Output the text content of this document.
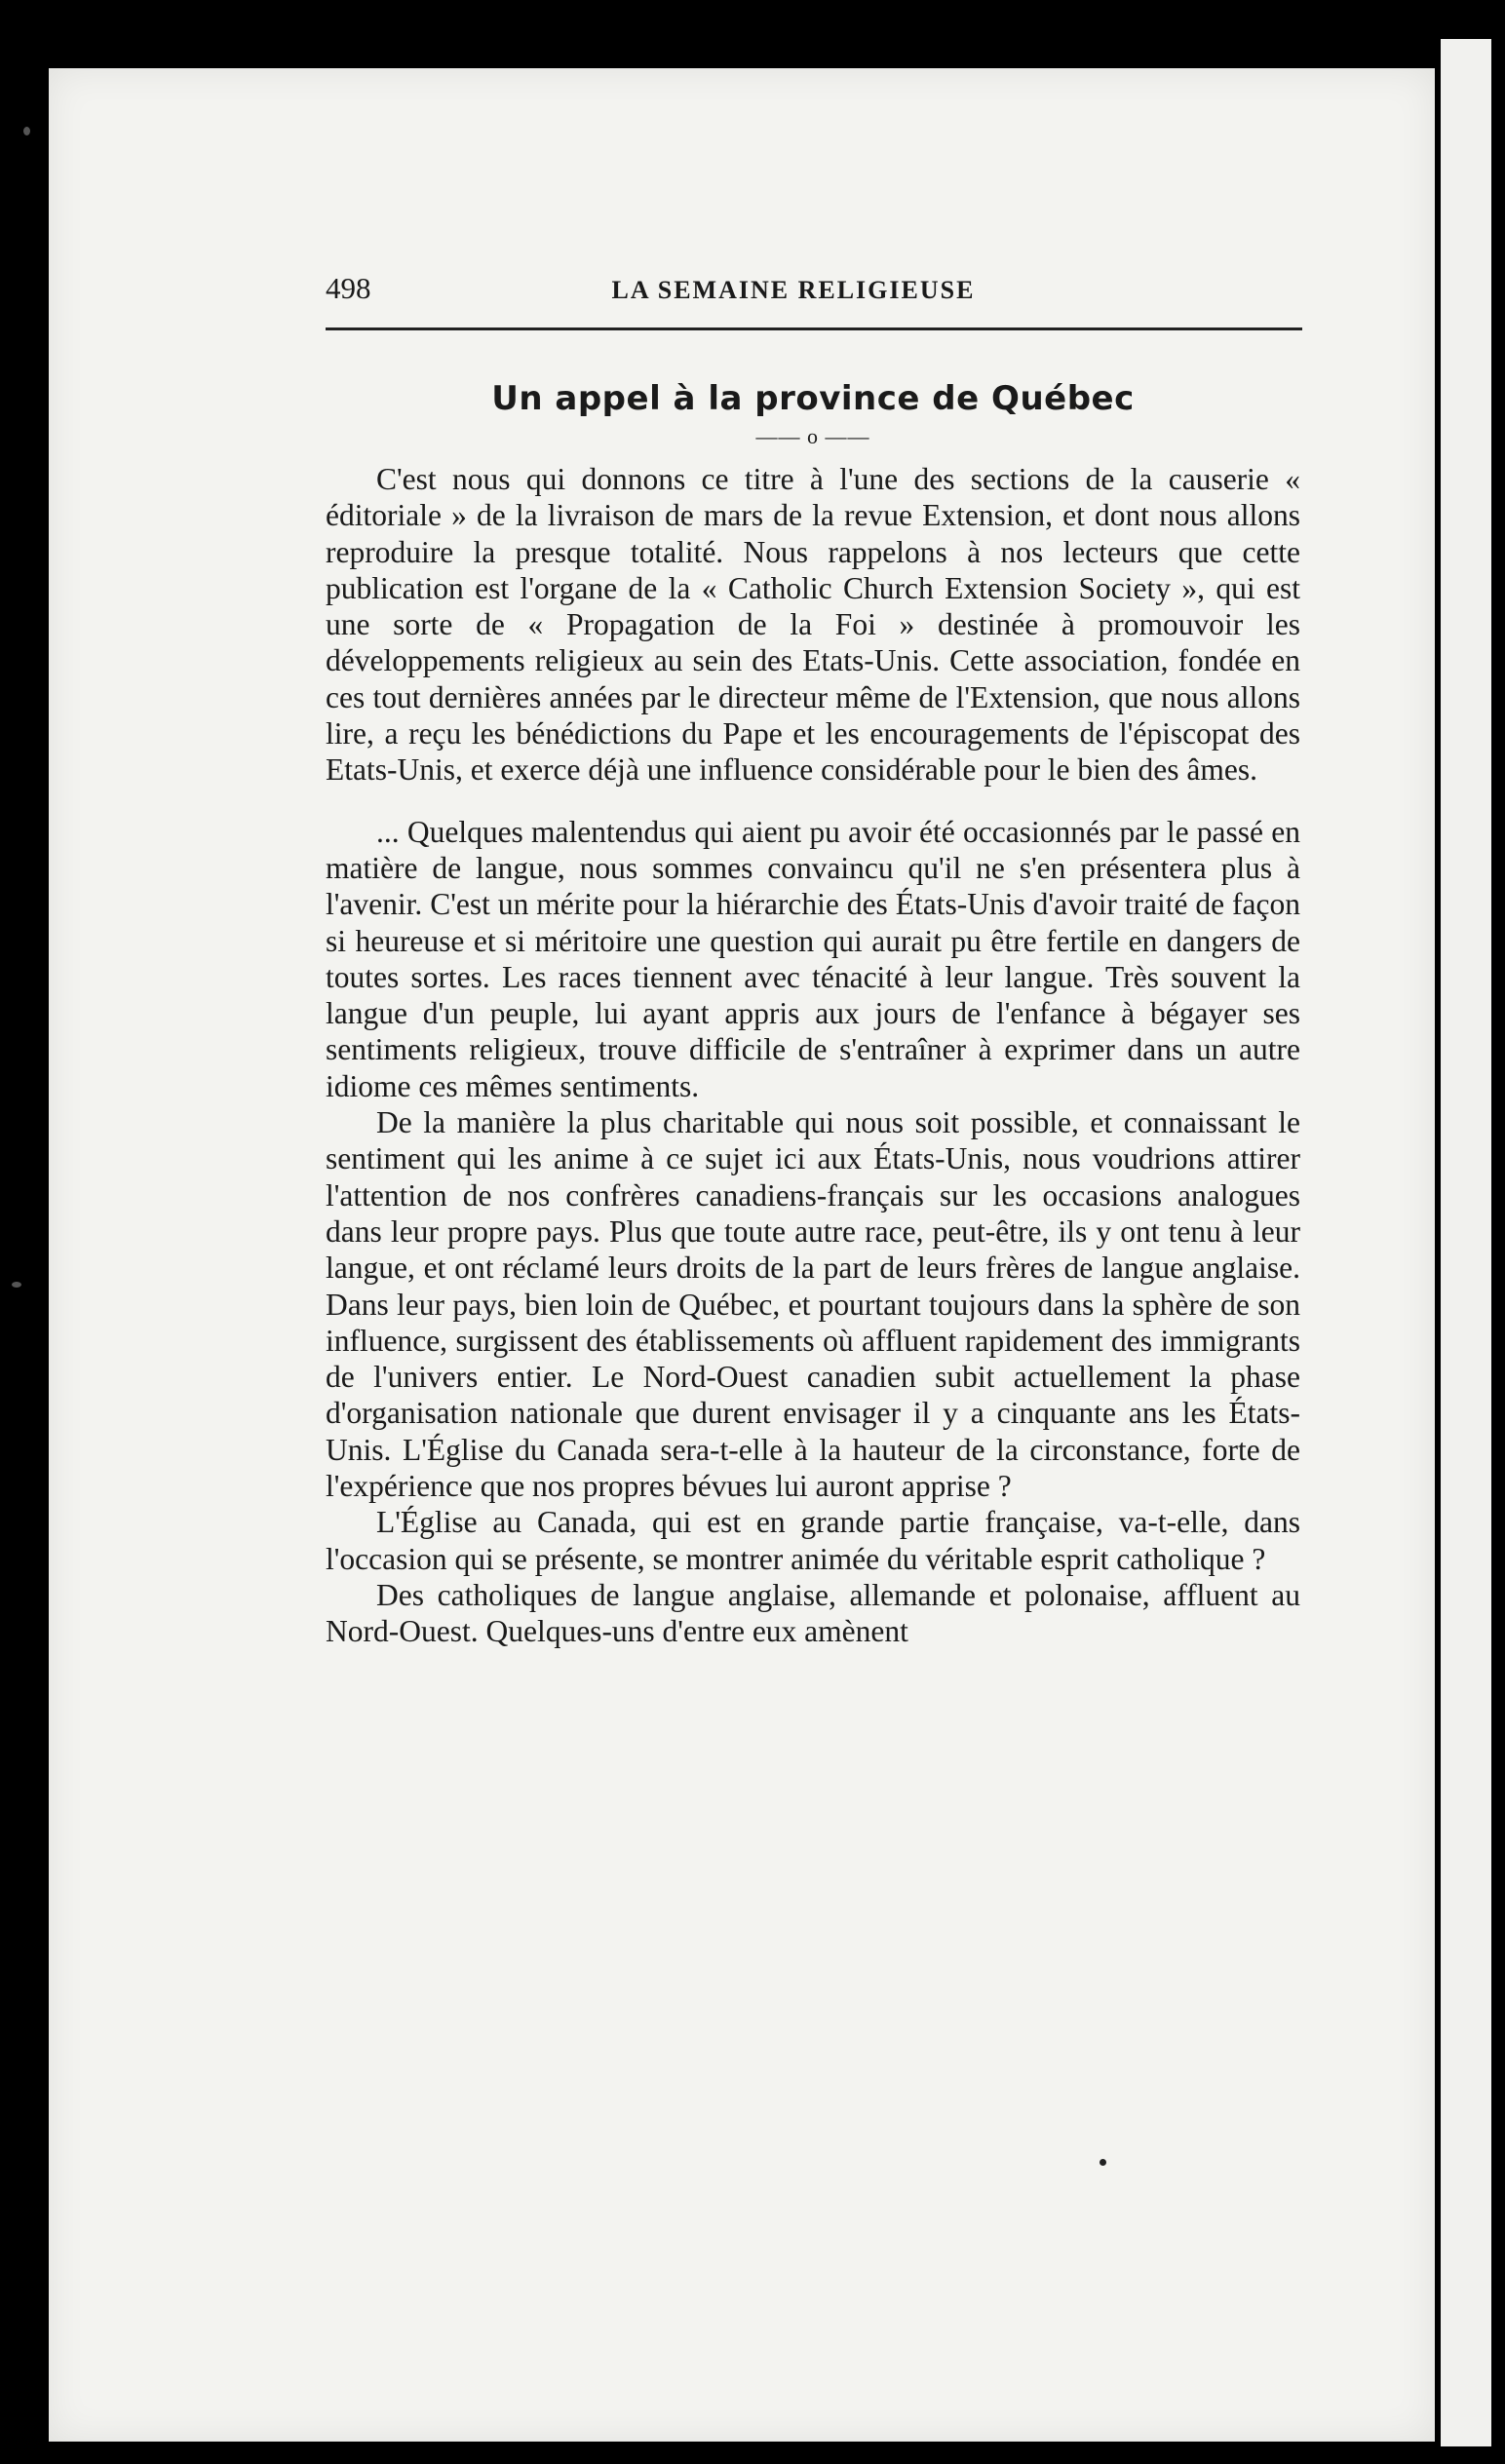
498	LA SEMAINE RELIGIEUSE
Un appel à la province de Québec
—— o ——

C'est nous qui donnons ce titre à l'une des sections de la causerie « éditoriale » de la livraison de mars de la revue Extension, et dont nous allons reproduire la presque totalité. Nous rappelons à nos lecteurs que cette publication est l'organe de la « Catholic Church Extension Society », qui est une sorte de « Propagation de la Foi » destinée à promouvoir les développements religieux au sein des Etats-Unis. Cette association, fondée en ces tout dernières années par le directeur même de l'Extension, que nous allons lire, a reçu les bénédictions du Pape et les encouragements de l'épiscopat des Etats-Unis, et exerce déjà une influence considérable pour le bien des âmes.

... Quelques malentendus qui aient pu avoir été occasionnés par le passé en matière de langue, nous sommes convaincu qu'il ne s'en présentera plus à l'avenir. C'est un mérite pour la hiérarchie des États-Unis d'avoir traité de façon si heureuse et si méritoire une question qui aurait pu être fertile en dangers de toutes sortes. Les races tiennent avec ténacité à leur langue. Très souvent la langue d'un peuple, lui ayant appris aux jours de l'enfance à bégayer ses sentiments religieux, trouve difficile de s'entraîner à exprimer dans un autre idiome ces mêmes sentiments.

De la manière la plus charitable qui nous soit possible, et connaissant le sentiment qui les anime à ce sujet ici aux États-Unis, nous voudrions attirer l'attention de nos confrères canadiens-français sur les occasions analogues dans leur propre pays. Plus que toute autre race, peut-être, ils y ont tenu à leur langue, et ont réclamé leurs droits de la part de leurs frères de langue anglaise. Dans leur pays, bien loin de Québec, et pourtant toujours dans la sphère de son influence, surgissent des établissements où affluent rapidement des immigrants de l'univers entier. Le Nord-Ouest canadien subit actuellement la phase d'organisation nationale que durent envisager il y a cinquante ans les États-Unis. L'Église du Canada sera-t-elle à la hauteur de la circonstance, forte de l'expérience que nos propres bévues lui auront apprise ?

L'Église au Canada, qui est en grande partie française, va-t-elle, dans l'occasion qui se présente, se montrer animée du véritable esprit catholique ?

Des catholiques de langue anglaise, allemande et polonaise, affluent au Nord-Ouest. Quelques-uns d'entre eux amènent
